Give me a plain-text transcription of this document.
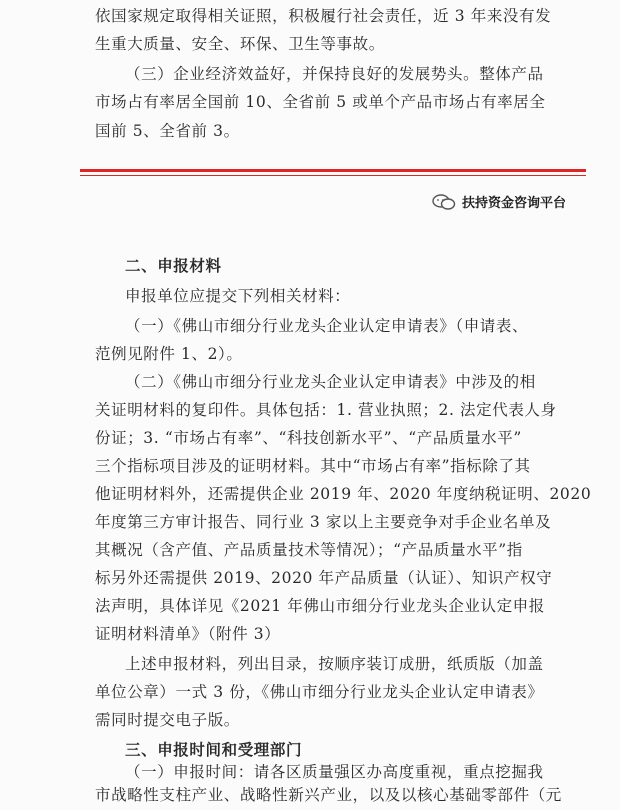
依国家规定取得相关证照，积极履行社会责任，近 3 年来没有发
生重大质量、安全、环保、卫生等事故。
（三）企业经济效益好，并保持良好的发展势头。整体产品
市场占有率居全国前 10、全省前 5 或单个产品市场占有率居全
国前 5、全省前 3。
扶持资金咨询平台
二、申报材料
申报单位应提交下列相关材料：
（一）《佛山市细分行业龙头企业认定申请表》（申请表、
范例见附件 1、2）。
（二）《佛山市细分行业龙头企业认定申请表》中涉及的相
关证明材料的复印件。具体包括：1. 营业执照；2. 法定代表人身
份证；3. “市场占有率”、“科技创新水平”、“产品质量水平”
三个指标项目涉及的证明材料。其中“市场占有率”指标除了其
他证明材料外，还需提供企业 2019 年、2020 年度纳税证明、2020
年度第三方审计报告、同行业 3 家以上主要竞争对手企业名单及
其概况（含产值、产品质量技术等情况）；“产品质量水平”指
标另外还需提供 2019、2020 年产品质量（认证）、知识产权守
法声明，具体详见《2021 年佛山市细分行业龙头企业认定申报
证明材料清单》（附件 3）
上述申报材料，列出目录，按顺序装订成册，纸质版（加盖
单位公章）一式 3 份，《佛山市细分行业龙头企业认定申请表》
需同时提交电子版。
三、申报时间和受理部门
（一）申报时间：请各区质量强区办高度重视，重点挖掘我
市战略性支柱产业、战略性新兴产业，以及以核心基础零部件（元
